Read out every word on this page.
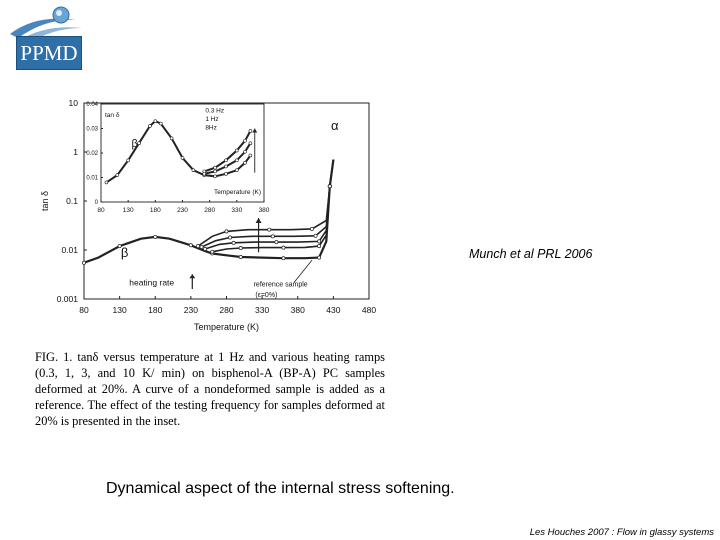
PPMD
80	130	180	230	280	330	380	430	480
0.001
0.01
0.1
1
10
Temperature (K)
tan δ
α
β
heating rate	reference sample
(ε=0%)
80	130	180	230	280	330	380
0
0.01
0.02
0.03
0.04
tan δ
Temperature (K)
0.3 Hz
1 Hz
8Hz
β
FIG. 1. tanδ versus temperature at 1 Hz and various heating ramps (0.3, 1, 3, and 10 K/ min) on bisphenol-A (BP-A) PC samples deformed at 20%. A curve of a nondeformed sample is added as a reference. The effect of the testing frequency for samples deformed at 20% is presented in the inset.
Munch et al PRL 2006
Dynamical aspect of the internal stress softening.
Les Houches 2007 : Flow in glassy systems
